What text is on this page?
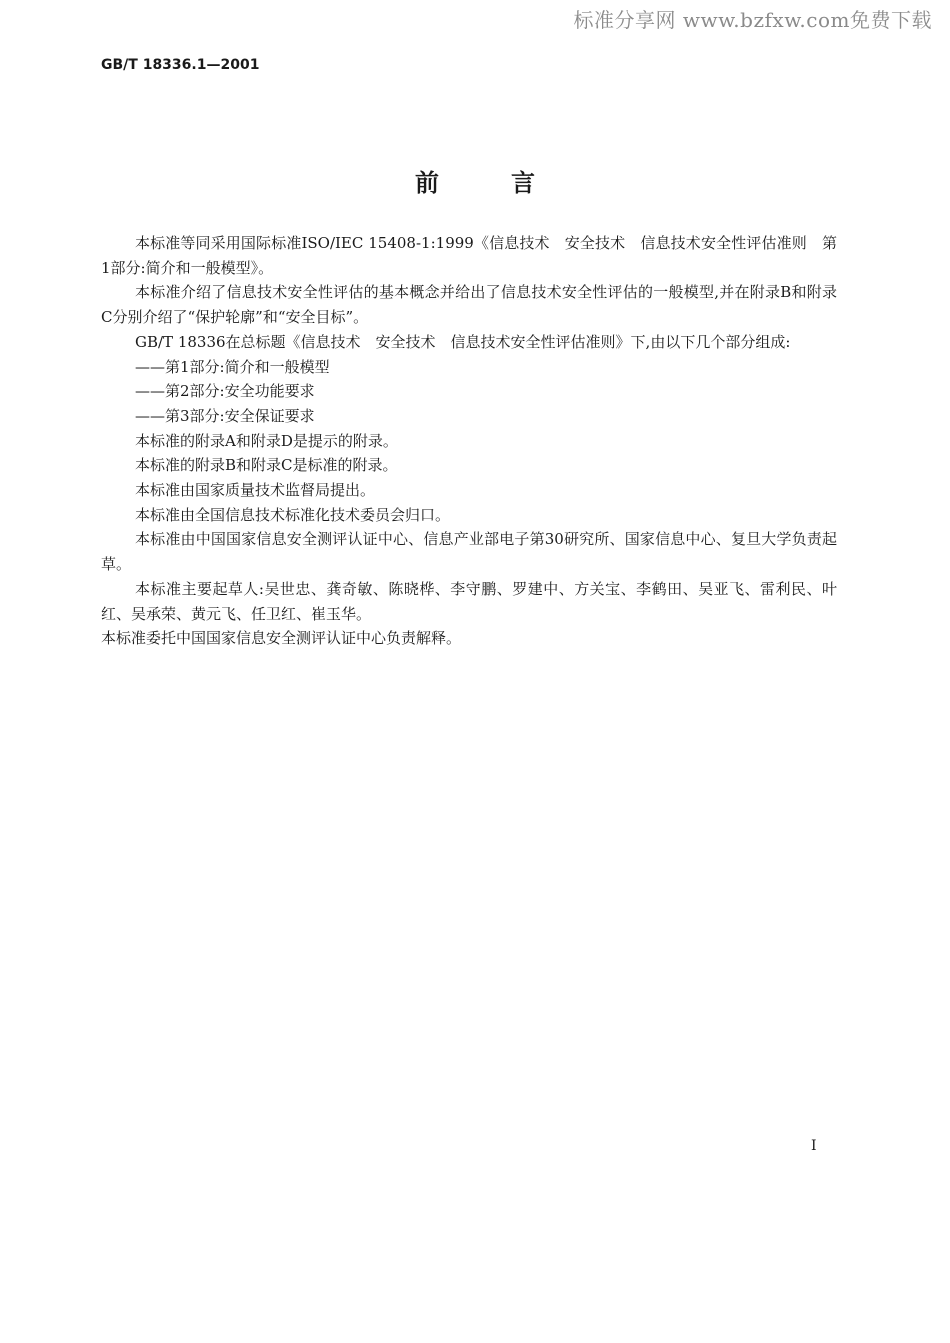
标准分享网 www.bzfxw.com免费下载
GB/T 18336.1—2001
前言

本标准等同采用国际标准ISO/IEC 15408-1:1999《信息技术　安全技术　信息技术安全性评估准则　第1部分:简介和一般模型》。

本标准介绍了信息技术安全性评估的基本概念并给出了信息技术安全性评估的一般模型,并在附录B和附录C分别介绍了“保护轮廓”和“安全目标”。

GB/T 18336在总标题《信息技术　安全技术　信息技术安全性评估准则》下,由以下几个部分组成:

——第1部分:简介和一般模型

——第2部分:安全功能要求

——第3部分:安全保证要求

本标准的附录A和附录D是提示的附录。

本标准的附录B和附录C是标准的附录。

本标准由国家质量技术监督局提出。

本标准由全国信息技术标准化技术委员会归口。

本标准由中国国家信息安全测评认证中心、信息产业部电子第30研究所、国家信息中心、复旦大学负责起草。

本标准主要起草人:吴世忠、龚奇敏、陈晓桦、李守鹏、罗建中、方关宝、李鹤田、吴亚飞、雷利民、叶红、吴承荣、黄元飞、任卫红、崔玉华。

本标准委托中国国家信息安全测评认证中心负责解释。

I
